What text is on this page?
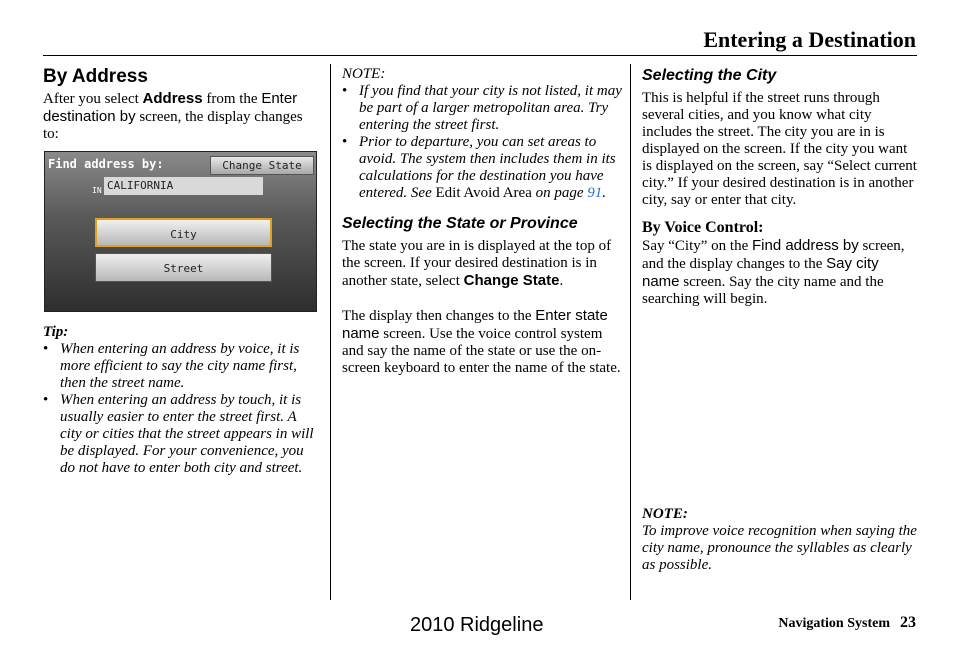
Entering a Destination
By Address

After you select Address from the Enter destination by screen, the display changes to:

Find address by:	Change State
IN CALIFORNIA
City
Street

Tip:

• When entering an address by voice, it is more efficient to say the city name first, then the street name.
• When entering an address by touch, it is usually easier to enter the street first. A city or cities that the street appears in will be displayed. For your convenience, you do not have to enter both city and street.

NOTE:

• If you find that your city is not listed, it may be part of a larger metropolitan area. Try entering the street first.
• Prior to departure, you can set areas to avoid. The system then includes them in its calculations for the destination you have entered. See Edit Avoid Area on page 91.
Selecting the State or Province

The state you are in is displayed at the top of the screen. If your desired destination is in another state, select Change State.

The display then changes to the Enter state name screen. Use the voice control system and say the name of the state or use the on-screen keyboard to enter the name of the state.

Selecting the City

This is helpful if the street runs through several cities, and you know what city includes the street. The city you are in is displayed on the screen. If the city you want is displayed on the screen, say “Select current city.” If your desired destination is in another city, say or enter that city.

By Voice Control:

Say “City” on the Find address by screen, and the display changes to the Say city name screen. Say the city name and the searching will begin.

NOTE:

To improve voice recognition when saying the city name, pronounce the syllables as clearly as possible.

Navigation System 23
2010 Ridgeline
